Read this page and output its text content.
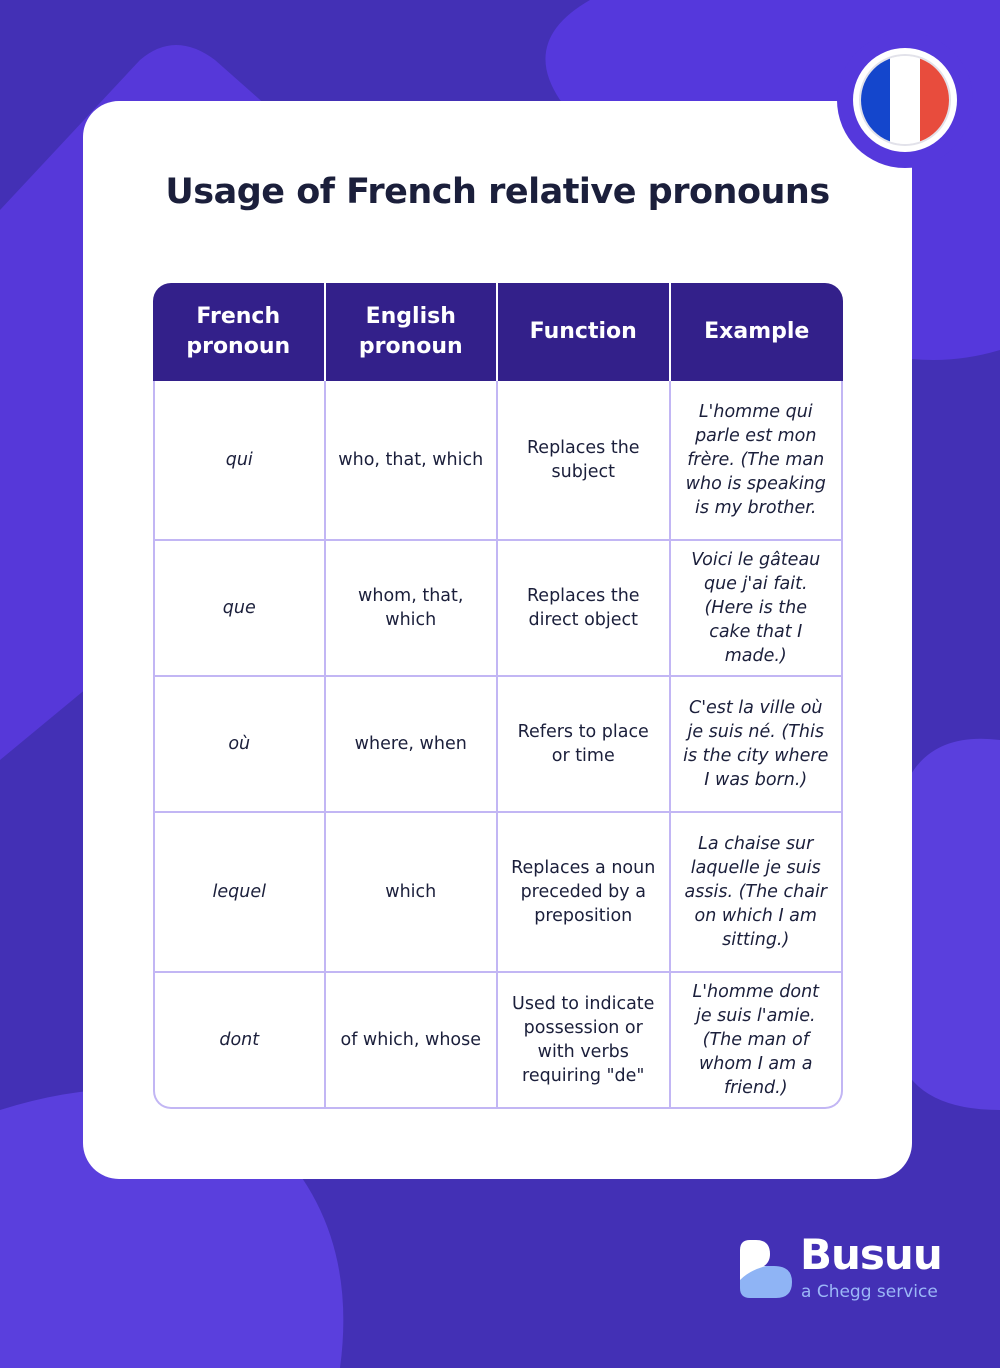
Usage of French relative pronouns
French pronoun	English pronoun	Function	Example
qui	who, that, which	Replaces the subject	L'homme qui parle est mon frère. (The man who is speaking is my brother.
que	whom, that, which	Replaces the direct object	Voici le gâteau que j'ai fait. (Here is the cake that I made.)
où	where, when	Refers to place or time	C'est la ville où je suis né. (This is the city where I was born.)
lequel	which	Replaces a noun preceded by a preposition	La chaise sur laquelle je suis assis. (The chair on which I am sitting.)
dont	of which, whose	Used to indicate possession or with verbs requiring "de"	L'homme dont je suis l'amie. (The man of whom I am a friend.)
Busuu
a Chegg service
